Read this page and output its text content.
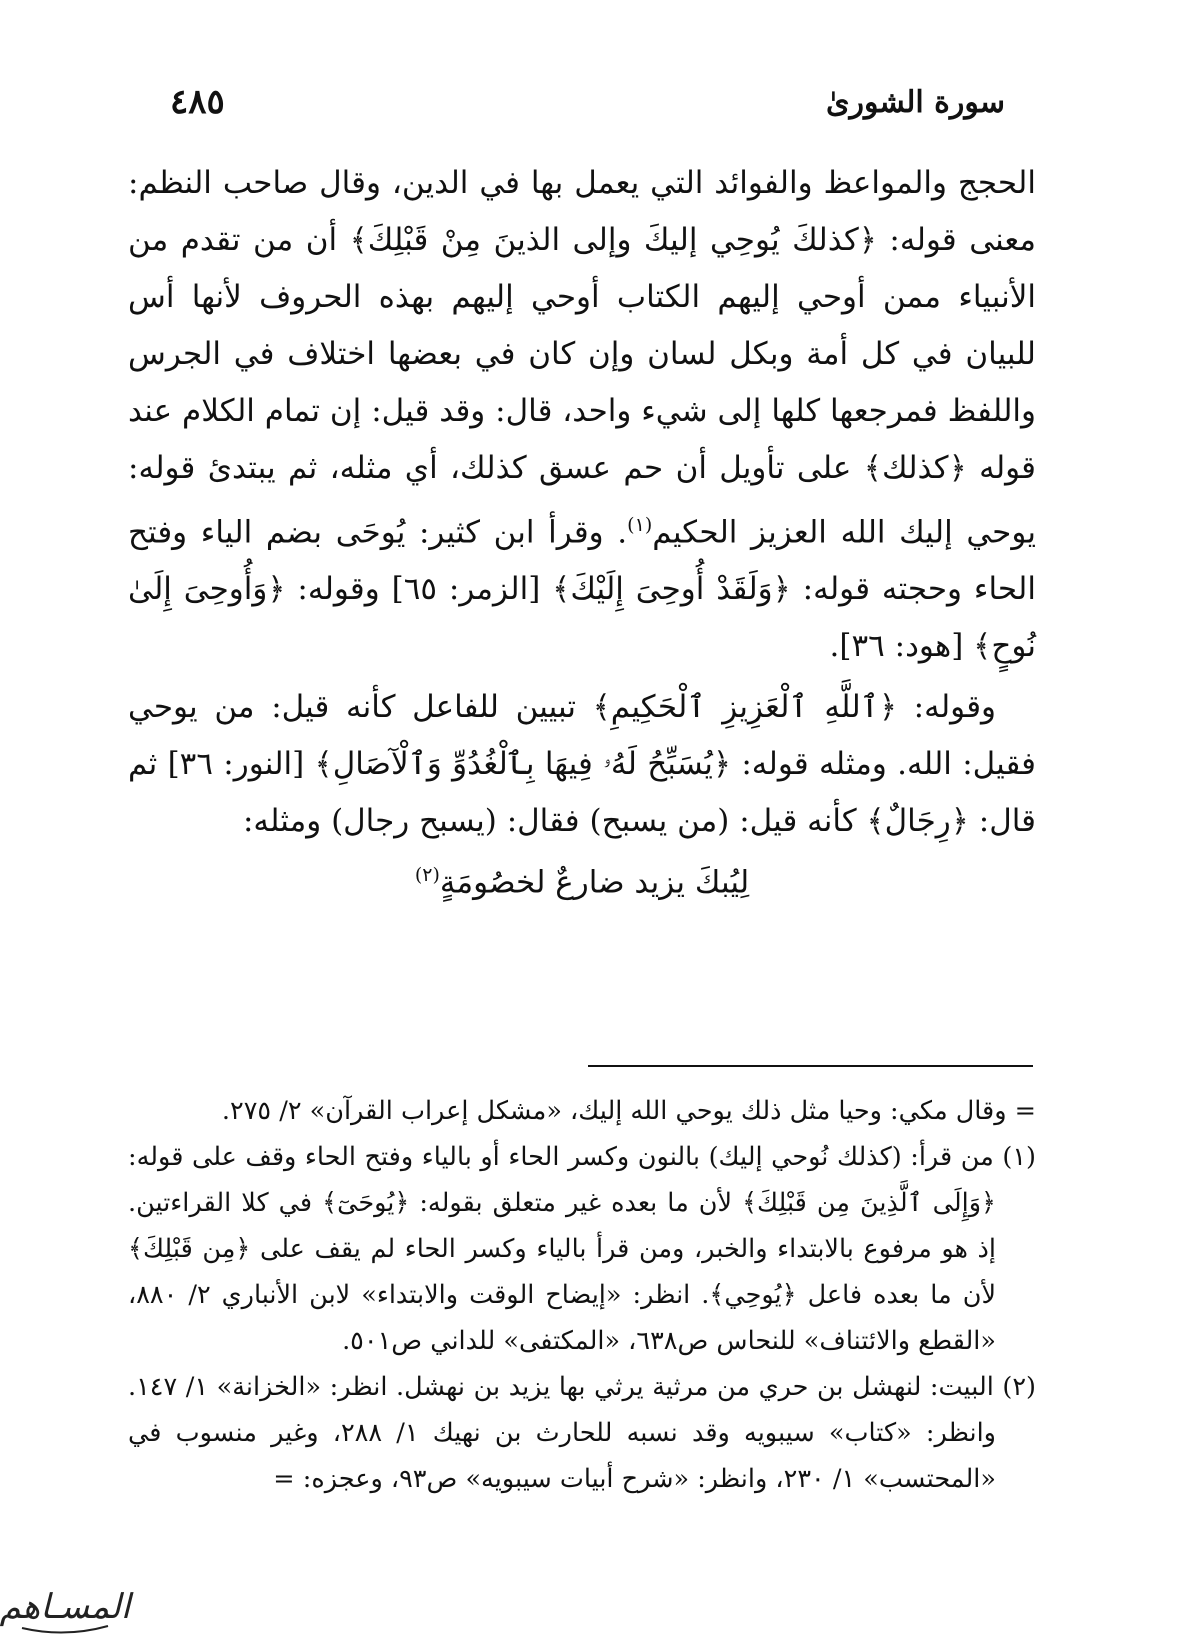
سورة الشورىٰ
٤٨٥

الحجج والمواعظ والفوائد التي يعمل بها في الدين، وقال صاحب النظم: معنى قوله: ﴿كذلكَ يُوحِي إليكَ وإلى الذينَ مِنْ قَبْلِكَ﴾ أن من تقدم من الأنبياء ممن أوحي إليهم الكتاب أوحي إليهم بهذه الحروف لأنها أس للبيان في كل أمة وبكل لسان وإن كان في بعضها اختلاف في الجرس واللفظ فمرجعها كلها إلى شيء واحد، قال: وقد قيل: إن تمام الكلام عند قوله ﴿كذلك﴾ على تأويل أن حم عسق كذلك، أي مثله، ثم يبتدئ قوله: يوحي إليك الله العزيز الحكيم$^{(١)}$. وقرأ ابن كثير: يُوحَى بضم الياء وفتح الحاء وحجته قوله: ﴿وَلَقَدْ أُوحِىَ إِلَيْكَ﴾ [الزمر: ٦٥] وقوله: ﴿وَأُوحِىَ إِلَىٰ نُوحٍ﴾ [هود: ٣٦].

وقوله: ﴿ٱللَّهِ ٱلْعَزِيزِ ٱلْحَكِيمِ﴾ تبيين للفاعل كأنه قيل: من يوحي فقيل: الله. ومثله قوله: ﴿يُسَبِّحُ لَهُۥ فِيهَا بِٱلْغُدُوِّ وَٱلْآصَالِ﴾ [النور: ٣٦] ثم قال: ﴿رِجَالٌ﴾ كأنه قيل: (من يسبح) فقال: (يسبح رجال) ومثله:

لِيُبكَ يزيد ضارعٌ لخصُومَةٍ$^{(٢)}$

= وقال مكي: وحيا مثل ذلك يوحي الله إليك، «مشكل إعراب القرآن» ٢/ ٢٧٥.

(١) من قرأ: (كذلك نُوحي إليك) بالنون وكسر الحاء أو بالياء وفتح الحاء وقف على قوله: ﴿وَإِلَى ٱلَّذِينَ مِن قَبْلِكَ﴾ لأن ما بعده غير متعلق بقوله: ﴿يُوحَىٓ﴾ في كلا القراءتين. إذ هو مرفوع بالابتداء والخبر، ومن قرأ بالياء وكسر الحاء لم يقف على ﴿مِن قَبْلِكَ﴾ لأن ما بعده فاعل ﴿يُوحِي﴾. انظر: «إيضاح الوقت والابتداء» لابن الأنباري ٢/ ٨٨٠، «القطع والائتناف» للنحاس ص٦٣٨، «المكتفى» للداني ص٥٠١.

(٢) البيت: لنهشل بن حري من مرثية يرثي بها يزيد بن نهشل. انظر: «الخزانة» ١/ ١٤٧. وانظر: «كتاب» سيبويه وقد نسبه للحارث بن نهيك ١/ ٢٨٨، وغير منسوب في «المحتسب» ١/ ٢٣٠، وانظر: «شرح أبيات سيبويه» ص٩٣، وعجزه: =

المسـاهم
